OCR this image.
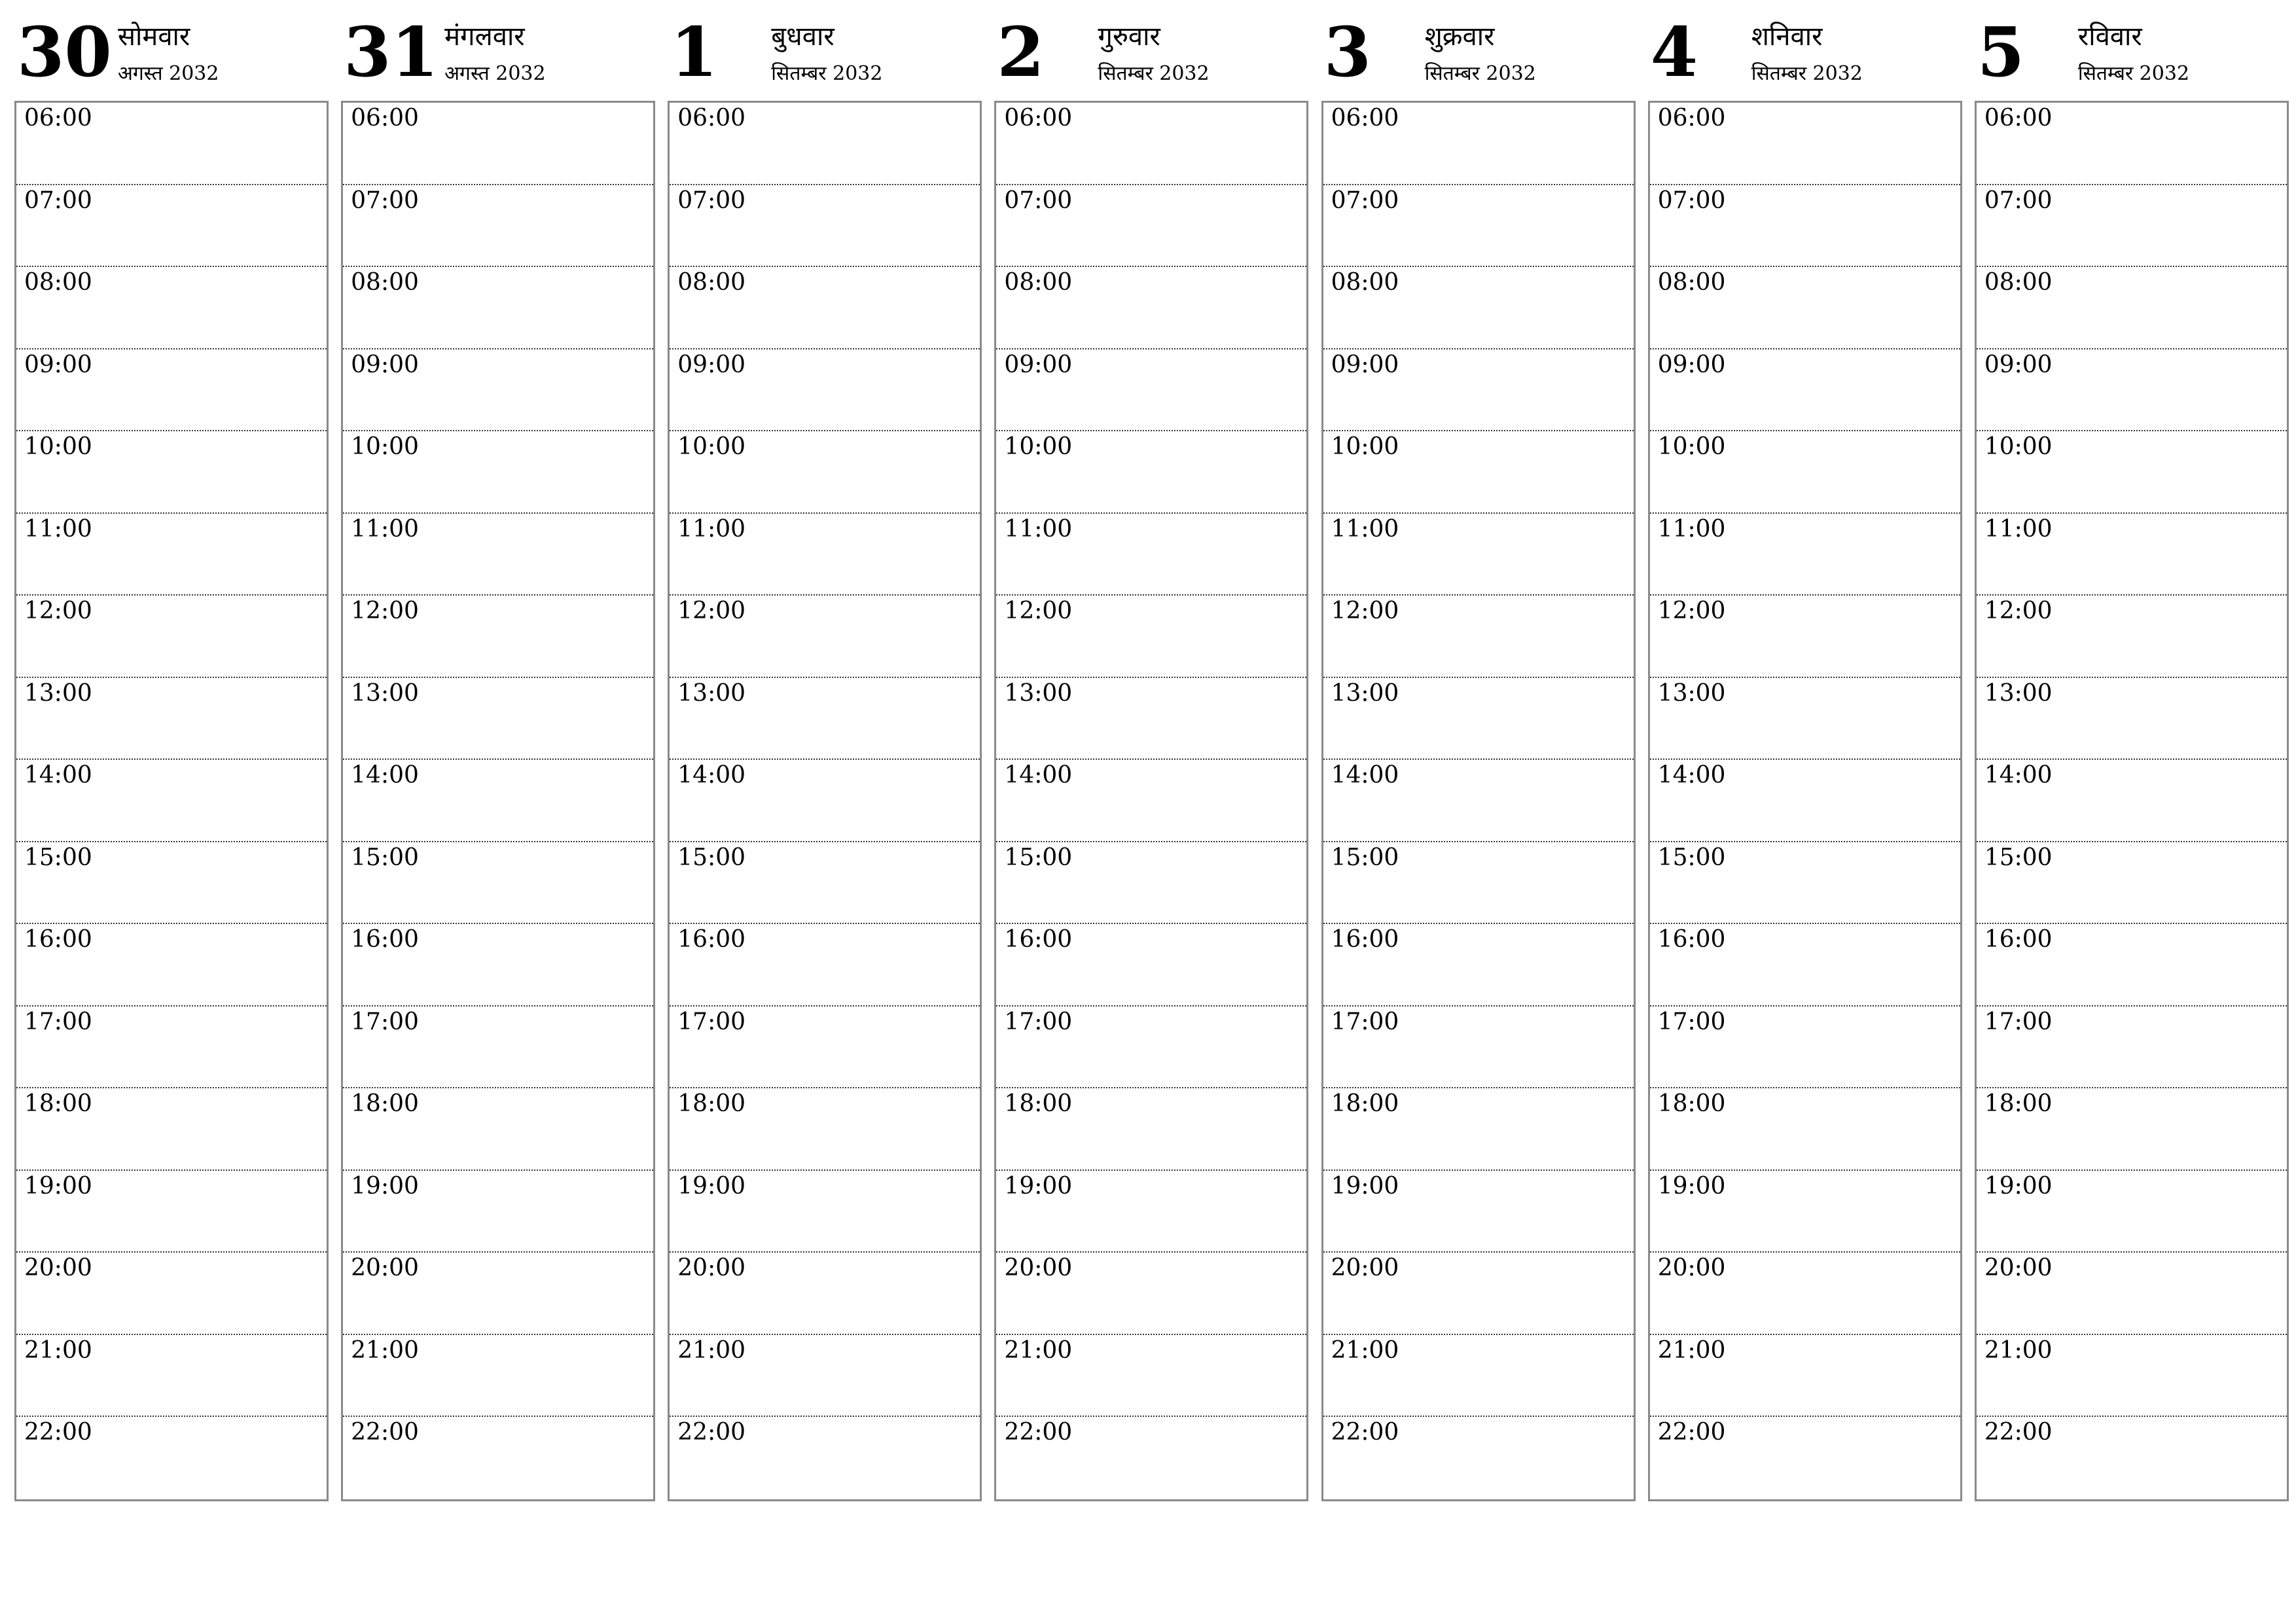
30 सोमवार
अगस्त 2032
06:00
07:00
08:00
09:00
10:00
11:00
12:00
13:00
14:00
15:00
16:00
17:00
18:00
19:00
20:00
21:00
22:00
31 मंगलवार
अगस्त 2032
06:00
07:00
08:00
09:00
10:00
11:00
12:00
13:00
14:00
15:00
16:00
17:00
18:00
19:00
20:00
21:00
22:00
1 बुधवार
सितम्बर 2032
06:00
07:00
08:00
09:00
10:00
11:00
12:00
13:00
14:00
15:00
16:00
17:00
18:00
19:00
20:00
21:00
22:00
2 गुरुवार
सितम्बर 2032
06:00
07:00
08:00
09:00
10:00
11:00
12:00
13:00
14:00
15:00
16:00
17:00
18:00
19:00
20:00
21:00
22:00
3 शुक्रवार
सितम्बर 2032
06:00
07:00
08:00
09:00
10:00
11:00
12:00
13:00
14:00
15:00
16:00
17:00
18:00
19:00
20:00
21:00
22:00
4 शनिवार
सितम्बर 2032
06:00
07:00
08:00
09:00
10:00
11:00
12:00
13:00
14:00
15:00
16:00
17:00
18:00
19:00
20:00
21:00
22:00
5 रविवार
सितम्बर 2032
06:00
07:00
08:00
09:00
10:00
11:00
12:00
13:00
14:00
15:00
16:00
17:00
18:00
19:00
20:00
21:00
22:00
